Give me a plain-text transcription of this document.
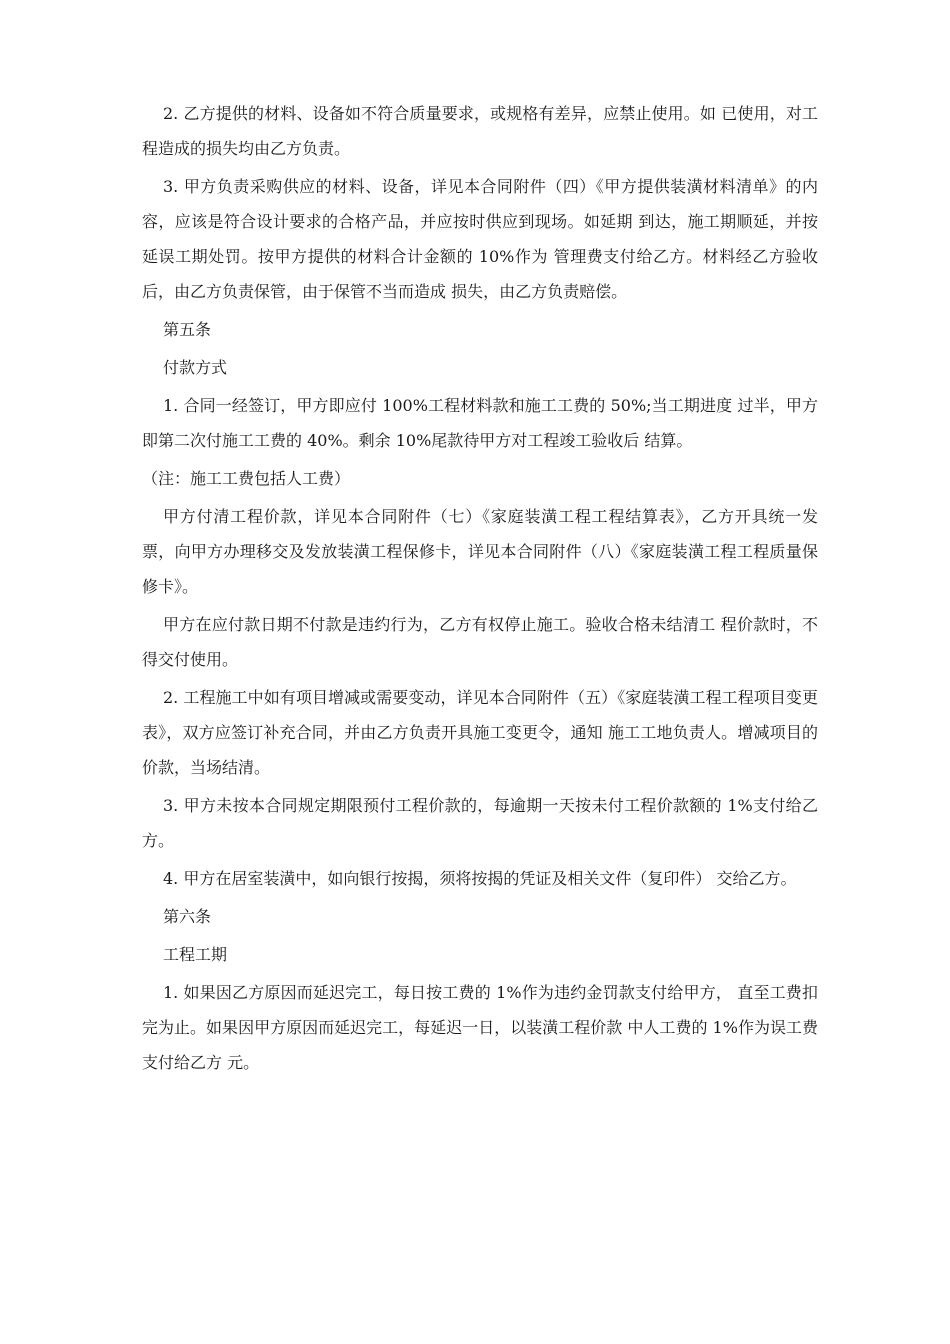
2. 乙方提供的材料、设备如不符合质量要求，或规格有差异，应禁止使用。如 已使用，对工程造成的损失均由乙方负责。

3. 甲方负责采购供应的材料、设备，详见本合同附件（四）《甲方提供装潢材料清单》的内容，应该是符合设计要求的合格产品，并应按时供应到现场。如延期 到达，施工期顺延，并按延误工期处罚。按甲方提供的材料合计金额的 10%作为 管理费支付给乙方。材料经乙方验收后，由乙方负责保管，由于保管不当而造成 损失，由乙方负责赔偿。

第五条

付款方式

1. 合同一经签订，甲方即应付 100%工程材料款和施工工费的 50%;当工期进度 过半，甲方即第二次付施工工费的 40%。剩余 10%尾款待甲方对工程竣工验收后 结算。

（注：施工工费包括人工费）

甲方付清工程价款，详见本合同附件（七）《家庭装潢工程工程结算表》，乙方开具统一发票，向甲方办理移交及发放装潢工程保修卡，详见本合同附件（八）《家庭装潢工程工程质量保修卡》。

甲方在应付款日期不付款是违约行为，乙方有权停止施工。验收合格未结清工 程价款时，不得交付使用。

2. 工程施工中如有项目增减或需要变动，详见本合同附件（五）《家庭装潢工程工程项目变更表》，双方应签订补充合同，并由乙方负责开具施工变更令，通知 施工工地负责人。增减项目的价款，当场结清。

3. 甲方未按本合同规定期限预付工程价款的，每逾期一天按未付工程价款额的 1%支付给乙方。

4. 甲方在居室装潢中，如向银行按揭，须将按揭的凭证及相关文件（复印件） 交给乙方。

第六条

工程工期

1. 如果因乙方原因而延迟完工，每日按工费的 1%作为违约金罚款支付给甲方， 直至工费扣完为止。如果因甲方原因而延迟完工，每延迟一日，以装潢工程价款 中人工费的 1%作为误工费支付给乙方 元。
